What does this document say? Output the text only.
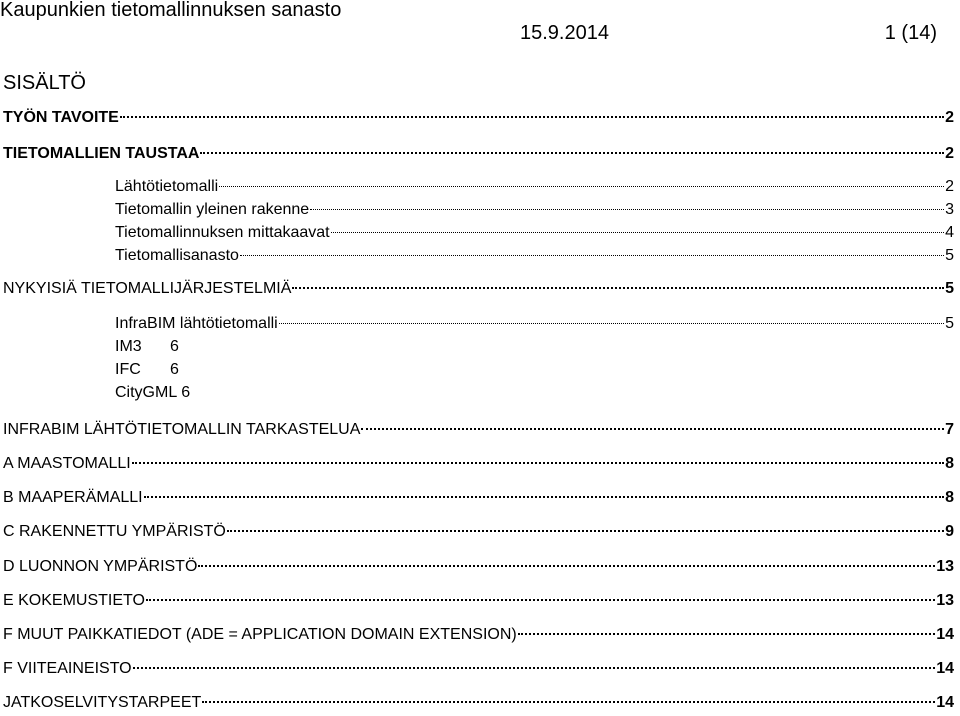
Kaupunkien tietomallinnuksen sanasto
15.9.2014	1 (14)
SISÄLTÖ
TYÖN TAVOITE	2
TIETOMALLIEN TAUSTAA	2
Lähtötietomalli	2
Tietomallin yleinen rakenne	3
Tietomallinnuksen mittakaavat	4
Tietomallisanasto	5
NYKYISIÄ TIETOMALLIJÄRJESTELMIÄ	5
InfraBIM lähtötietomalli	5
IM3	6
IFC	6
CityGML 6
INFRABIM LÄHTÖTIETOMALLIN TARKASTELUA	7
A MAASTOMALLI	8
B MAAPERÄMALLI	8
C RAKENNETTU YMPÄRISTÖ	9
D LUONNON YMPÄRISTÖ	13
E KOKEMUSTIETO	13
F MUUT PAIKKATIEDOT (ADE = APPLICATION DOMAIN EXTENSION)	14
F VIITEAINEISTO	14
JATKOSELVITYSTARPEET	14
